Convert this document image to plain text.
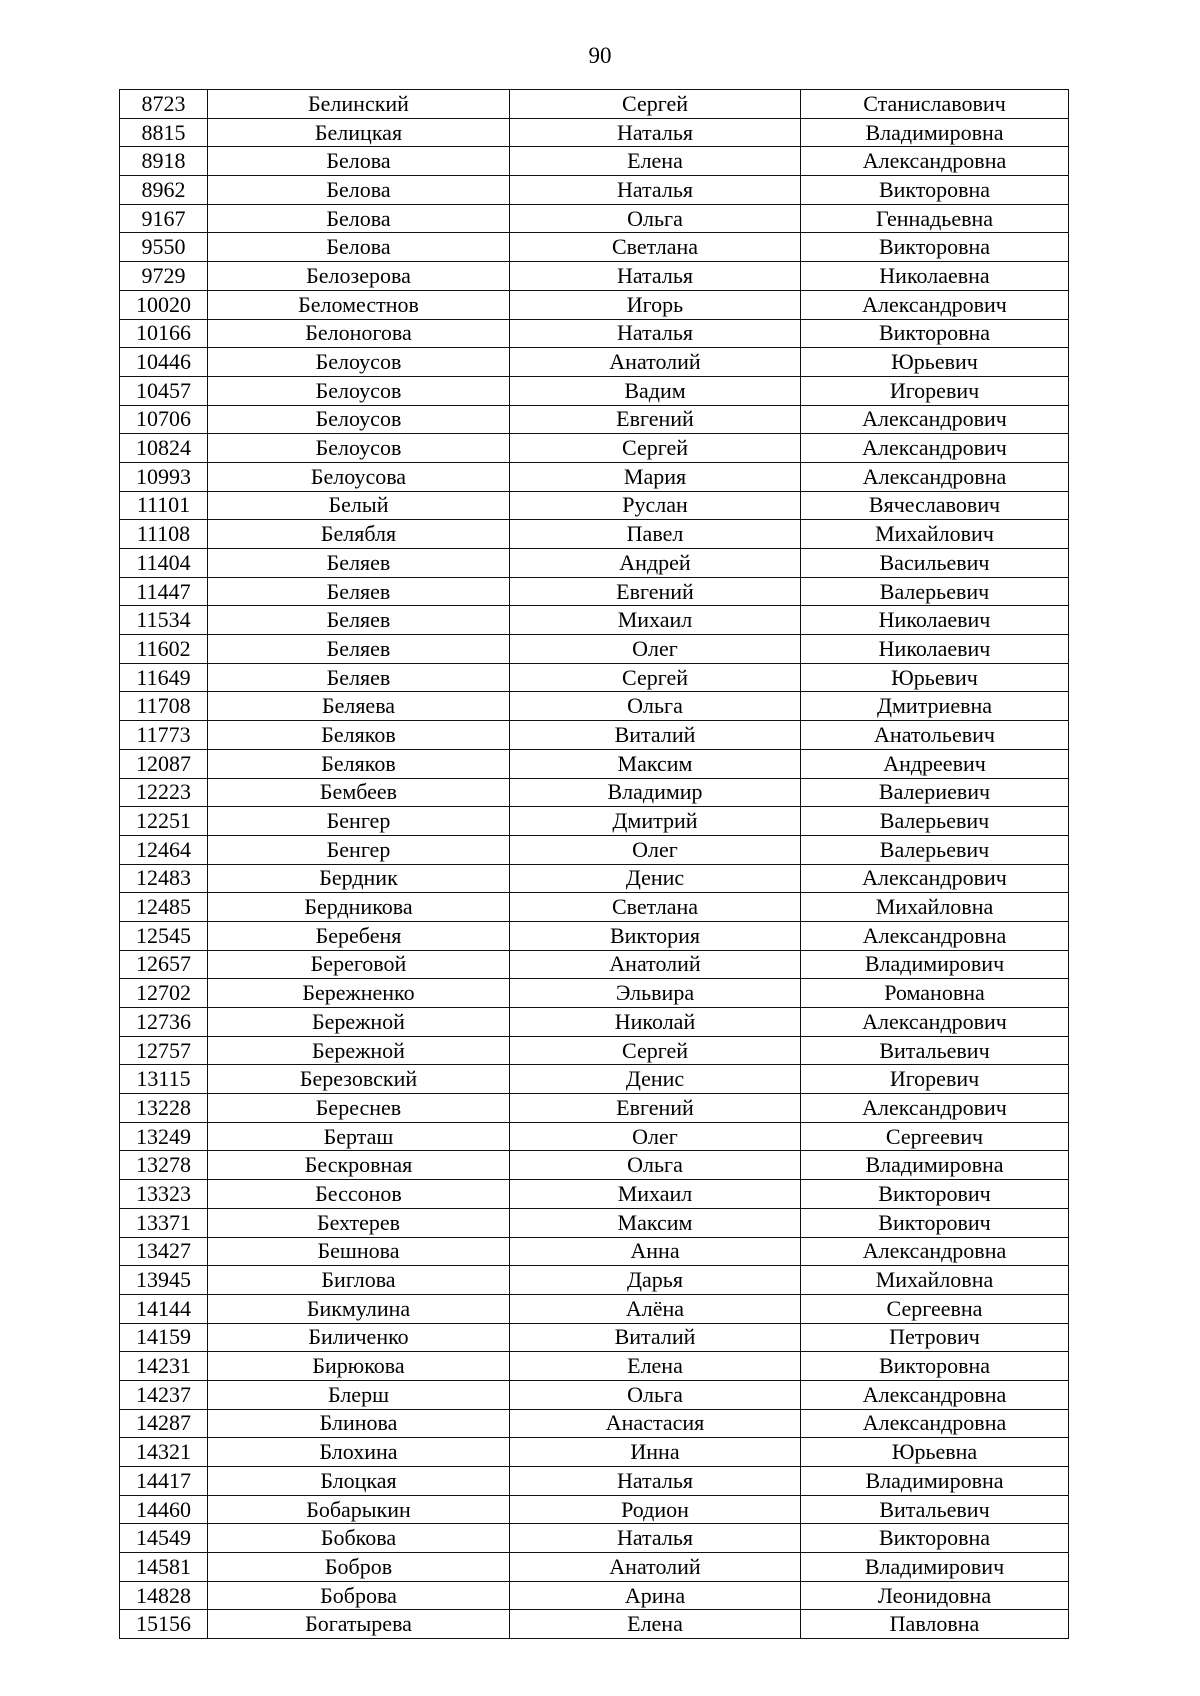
90
8723	Белинский	Сергей	Станиславович
8815	Белицкая	Наталья	Владимировна
8918	Белова	Елена	Александровна
8962	Белова	Наталья	Викторовна
9167	Белова	Ольга	Геннадьевна
9550	Белова	Светлана	Викторовна
9729	Белозерова	Наталья	Николаевна
10020	Беломестнов	Игорь	Александрович
10166	Белоногова	Наталья	Викторовна
10446	Белоусов	Анатолий	Юрьевич
10457	Белоусов	Вадим	Игоревич
10706	Белоусов	Евгений	Александрович
10824	Белоусов	Сергей	Александрович
10993	Белоусова	Мария	Александровна
11101	Белый	Руслан	Вячеславович
11108	Белябля	Павел	Михайлович
11404	Беляев	Андрей	Васильевич
11447	Беляев	Евгений	Валерьевич
11534	Беляев	Михаил	Николаевич
11602	Беляев	Олег	Николаевич
11649	Беляев	Сергей	Юрьевич
11708	Беляева	Ольга	Дмитриевна
11773	Беляков	Виталий	Анатольевич
12087	Беляков	Максим	Андреевич
12223	Бембеев	Владимир	Валериевич
12251	Бенгер	Дмитрий	Валерьевич
12464	Бенгер	Олег	Валерьевич
12483	Бердник	Денис	Александрович
12485	Бердникова	Светлана	Михайловна
12545	Беребеня	Виктория	Александровна
12657	Береговой	Анатолий	Владимирович
12702	Бережненко	Эльвира	Романовна
12736	Бережной	Николай	Александрович
12757	Бережной	Сергей	Витальевич
13115	Березовский	Денис	Игоревич
13228	Береснев	Евгений	Александрович
13249	Берташ	Олег	Сергеевич
13278	Бескровная	Ольга	Владимировна
13323	Бессонов	Михаил	Викторович
13371	Бехтерев	Максим	Викторович
13427	Бешнова	Анна	Александровна
13945	Биглова	Дарья	Михайловна
14144	Бикмулина	Алёна	Сергеевна
14159	Биличенко	Виталий	Петрович
14231	Бирюкова	Елена	Викторовна
14237	Блерш	Ольга	Александровна
14287	Блинова	Анастасия	Александровна
14321	Блохина	Инна	Юрьевна
14417	Блоцкая	Наталья	Владимировна
14460	Бобарыкин	Родион	Витальевич
14549	Бобкова	Наталья	Викторовна
14581	Бобров	Анатолий	Владимирович
14828	Боброва	Арина	Леонидовна
15156	Богатырева	Елена	Павловна
